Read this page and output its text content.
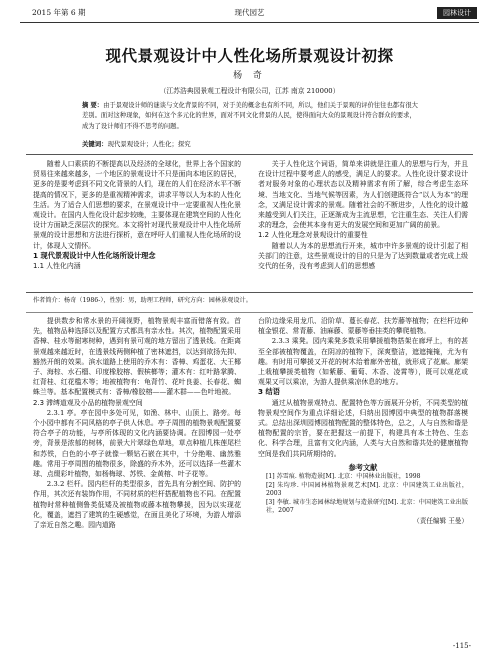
2015 年第 6 期	现代园艺	园林设计
现代景观设计中人性化场所景观设计初探
杨 奇
（江苏浩典园景观工程设计有限公司，江苏 南京 210000）
摘 要：由于景观设计师的谜谈与文化背景的不同，对于美的概念也有所不同，所以，他们关于景观的评价往往也都有很大差别。面对这种现象，如何在这个多元化的世界，面对不同文化背景的人民，使得面向大众的景观设计符合群众的要求，成为了设计师们不得不思考的问题。
关键词：现代景观设计；人性化；探究

随着人口素质的不断提高以及经济的全球化，世界上各个国家的贸易往来越来越多，一个地区的景观设计不只是面向本地区的居民，更多的是要考虑到不同文化背景的人们，现在的人们在经济水平不断提高的情况下，更多的是重视精神需求，讲求平等以人为本的人性化生活。为了适合人们思想的要求，在景观设计中一定要重视人性化景观设计。在国内人性化设计起步较晚，主要体现在建筑空间的人性化设计方面缺乏深层次的探究。本文将针对现代景观设计中人性化场所景观的设计思想和方法进行探析，意在呼吁人们重视人性化场所的设计，体现人文情怀。

1 现代景观设计中人性化场所设计理念

1.1 人性化内涵

关于人性化这个词语，简单来讲就是注重人的思想与行为，并且在设计过程中要考虑人的感受，满足人的要求。人性化设计要求设计者对服务对象的心理状态以及精神需求有所了解，综合考虑生态环境、当地文化、当地气候等因素，为人们创建既符合“以人为本”的理念，又满足设计需求的景观。随着社会的不断进步，人性化的设计越来越受到人们关注，正逐渐成为主流思想，它注重生态、关注人们需求的理念，会使其本身有更大的发展空间和更加广阔的前景。

1.2 人性化理念对景观设计的重要性

随着以人为本的思想流行开来，城市中许多景观的设计引起了相关部门的注意，这些景观设计的目的只是为了达到数量或者完成上级交代的任务，没有考虑到人们的思想感

作者简介：杨奇（1986-），性别：男，助理工程师，研究方向：园林景观设计。

提供数步和常水景的开阔视野，植物景观丰富而错落有致。首先，植物品种选择以及配置方式都具有亲水性。其次，植物配置采用香樟、桂水等耐寒树种，遇到有景可观的地方留出了透景线。在距离景观越来越近时，在透景线两侧种植了密林遮挡，以达到欲扬先抑、豁然开朗的效果。滨水道路上使用的乔木有：香樟、鸡蛋花、大王椰子、海棕、水石榴、印度橡胶榕、假槟榔等；灌木有：红叶路掌腾、红背桂、红花槛木等；地被植物有：龟背竹、花叶良姜、长春花、蜘蛛兰等。基本配置模式有：香樟/橡胶榕——灌木群——色叶地被。

2.3 滞缚道观及小品的植物景观空间

2.3.1 亭。亭在园中多处可见，如渔、林中、山顶上、路旁。每个小园中都有不同风格的亭子供人休息。亭子周围的植物景观配置要符合亭子的功能，与亭所体现的文化内涵要协调。在园博园一处亭旁，背景是浓郁的树林，前景大片翠绿色草地，草点种植几株莲尾栏和苏铁，白色的小亭子就像一颗钻石嵌在其中，十分绝唯、幽然雅趣。常用于亭周围的植物很多，除盛的乔木外，还可以选择一些灌木球、点缀彩叶植物，如杨梅球、苏铁、金黄榕、叶子花等。

2.3.2 栏杆。园内栏杆的类型很多，首先具有分割空间、防护的作用，其次还有装饰作用，不同材质的栏杆搭配植物也不同。在配置植物时常种植侧鲁类低矮及被植物或藤本植物攀援，因为以实现花化，覆盖，遮挡了建筑的生硬感觉，在面且美化了环境，为游人增添了亲近自然之趣。园内道路

台阶边缘采用龙爪、沿阶草、蔓长春花、扶芳藤等植物；在栏杆边种植金银花、常青藤、油麻藤、蒙藤等垂挂类的攀爬植物。

2.3.3 乘凳。园内乘凳多数采用攀援植物搭架在廊坪上，有的甚至全部被植物覆盖，在阴凉的植物下，深爽整洁，遮遮掩掩，尤为有趣。有时用可攀援又开花的树木给着廊外密植，就形成了花廊。廊架上栽植攀援类植物（如紫藤、葡萄、木香、凌霄等），既可以观花或观果又可以乘凉，为游人提供乘凉休息的地方。

3 结语

通过从植物景观特点、配置特色等方面展开分析，不同类型的植物景观空间作为重点详细论述，归纳出园博园中典型的植物群落模式。总结出深圳园博园植物配置的整体特色，总之，人与自然和谐是植物配置的宗旨，要在把握这一前提下，构建具有本土特色、生态化、科学合理，且富有文化内涵，人类与大自然和谐共处的健康植物空间是我们共同所期待的。

参考文献

[1] 苏雪痕. 植物造景[M]. 北京：中国林业出版社，1998

[2] 朱均珍. 中国园林植物景观艺术[M]. 北京：中国建筑工业出版社，2003

[3] 李敏. 城市生态园林绿地规划与造景研究[M]. 北京：中国建筑工业出版社，2007

（责任编辑 王曼）

-115-
